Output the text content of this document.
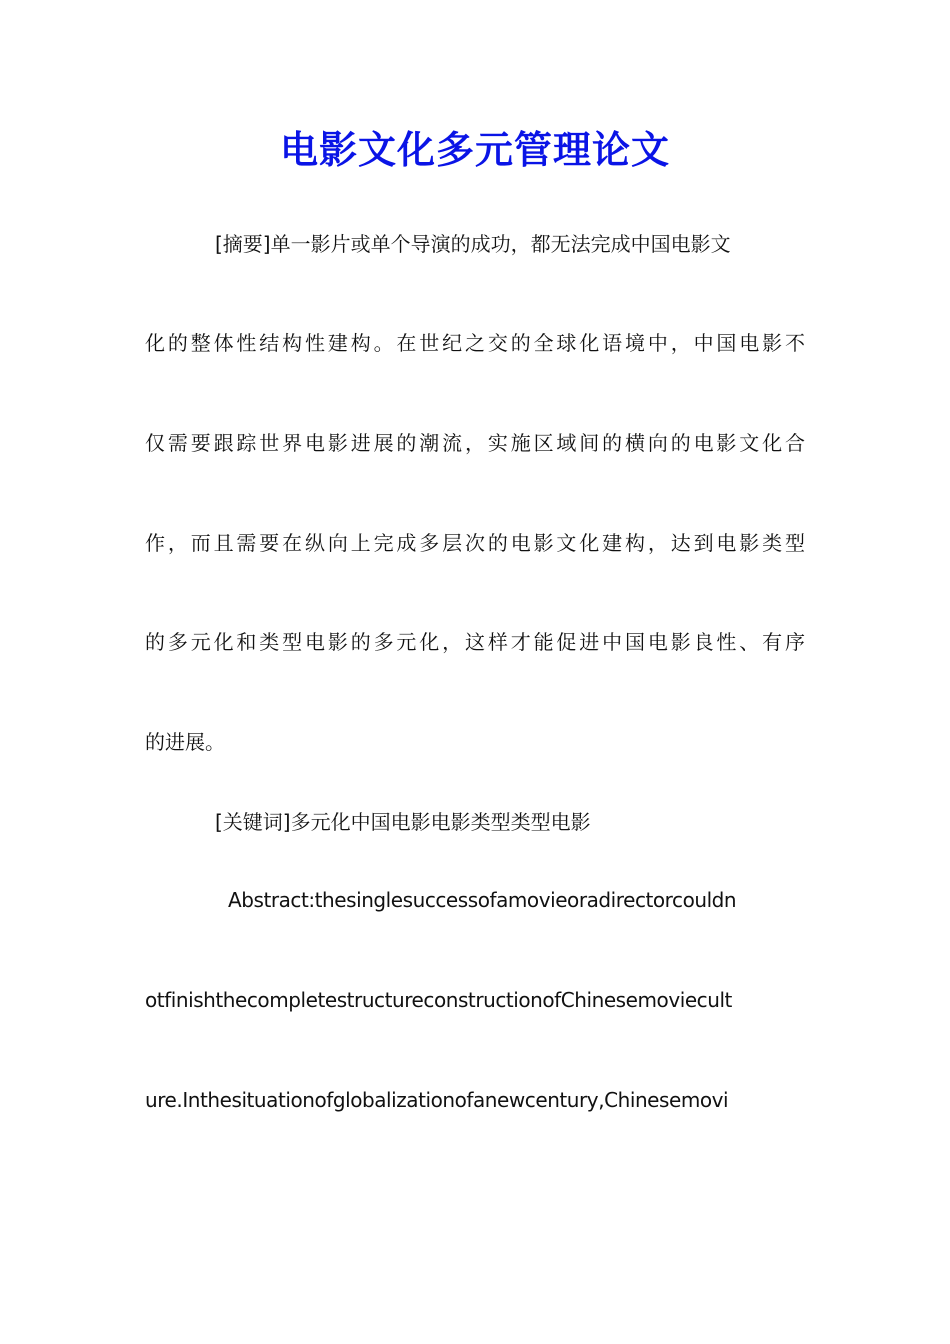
电影文化多元管理论文
[摘要]单一影片或单个导演的成功，都无法完成中国电影文
化的整体性结构性建构。在世纪之交的全球化语境中，中国电影不
仅需要跟踪世界电影进展的潮流，实施区域间的横向的电影文化合
作，而且需要在纵向上完成多层次的电影文化建构，达到电影类型
的多元化和类型电影的多元化，这样才能促进中国电影良性、有序
的进展。
[关键词]多元化中国电影电影类型类型电影
Abstract:thesinglesuccessofamovieoradirectorcouldn
otfinishthecompletestructureconstructionofChinesemoviecult
ure.Inthesituationofglobalizationofanewcentury,Chinesemovi
